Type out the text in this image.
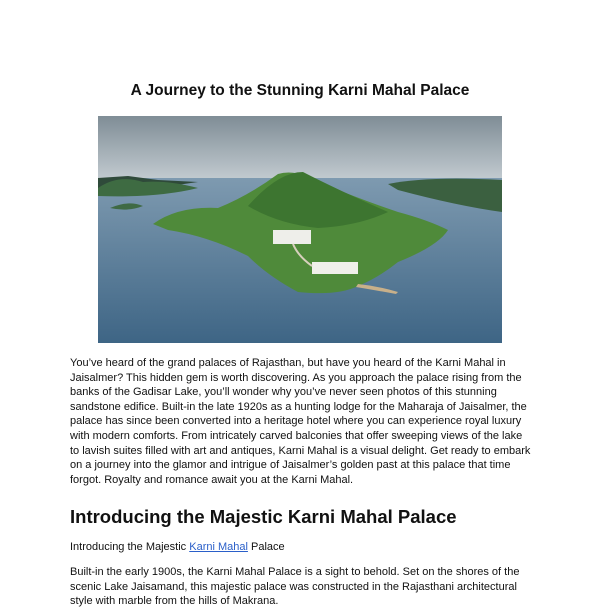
A Journey to the Stunning Karni Mahal Palace

You’ve heard of the grand palaces of Rajasthan, but have you heard of the Karni Mahal in Jaisalmer? This hidden gem is worth discovering. As you approach the palace rising from the banks of the Gadisar Lake, you’ll wonder why you’ve never seen photos of this stunning sandstone edifice. Built-in the late 1920s as a hunting lodge for the Maharaja of Jaisalmer, the palace has since been converted into a heritage hotel where you can experience royal luxury with modern comforts. From intricately carved balconies that offer sweeping views of the lake to lavish suites filled with art and antiques, Karni Mahal is a visual delight. Get ready to embark on a journey into the glamor and intrigue of Jaisalmer’s golden past at this palace that time forgot. Royalty and romance await you at the Karni Mahal.

Introducing the Majestic Karni Mahal Palace

Introducing the Majestic Karni Mahal Palace

Built-in the early 1900s, the Karni Mahal Palace is a sight to behold. Set on the shores of the scenic Lake Jaisamand, this majestic palace was constructed in the Rajasthani architectural style with marble from the hills of Makrana.
